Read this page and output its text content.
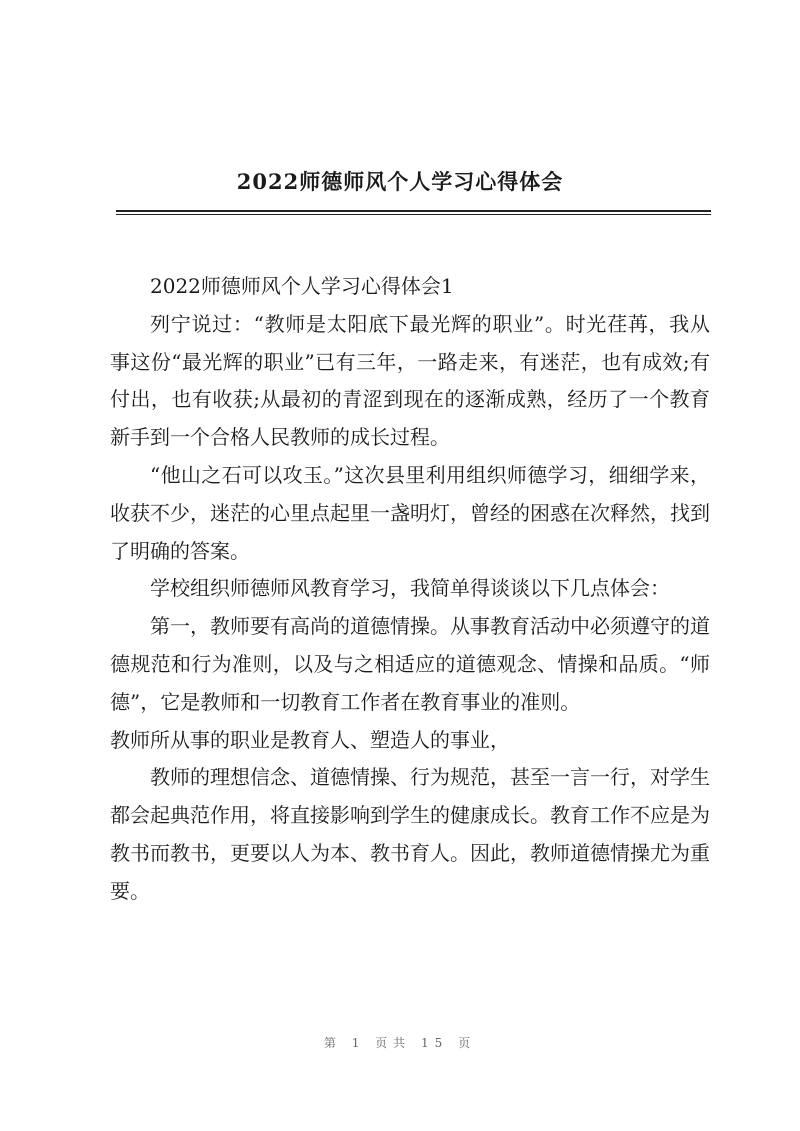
2022师德师风个人学习心得体会

2022师德师风个人学习心得体会1

列宁说过：“教师是太阳底下最光辉的职业”。时光荏苒，我从事这份“最光辉的职业”已有三年，一路走来，有迷茫，也有成效;有付出，也有收获;从最初的青涩到现在的逐渐成熟，经历了一个教育新手到一个合格人民教师的成长过程。

“他山之石可以攻玉。”这次县里利用组织师德学习，细细学来，收获不少，迷茫的心里点起里一盏明灯，曾经的困惑在次释然，找到了明确的答案。

学校组织师德师风教育学习，我简单得谈谈以下几点体会：

第一，教师要有高尚的道德情操。从事教育活动中必须遵守的道德规范和行为准则，以及与之相适应的道德观念、情操和品质。“师德”，它是教师和一切教育工作者在教育事业的准则。

教师所从事的职业是教育人、塑造人的事业，

教师的理想信念、道德情操、行为规范，甚至一言一行，对学生都会起典范作用，将直接影响到学生的健康成长。教育工作不应是为教书而教书，更要以人为本、教书育人。因此，教师道德情操尤为重要。

第 1 页共 15 页
